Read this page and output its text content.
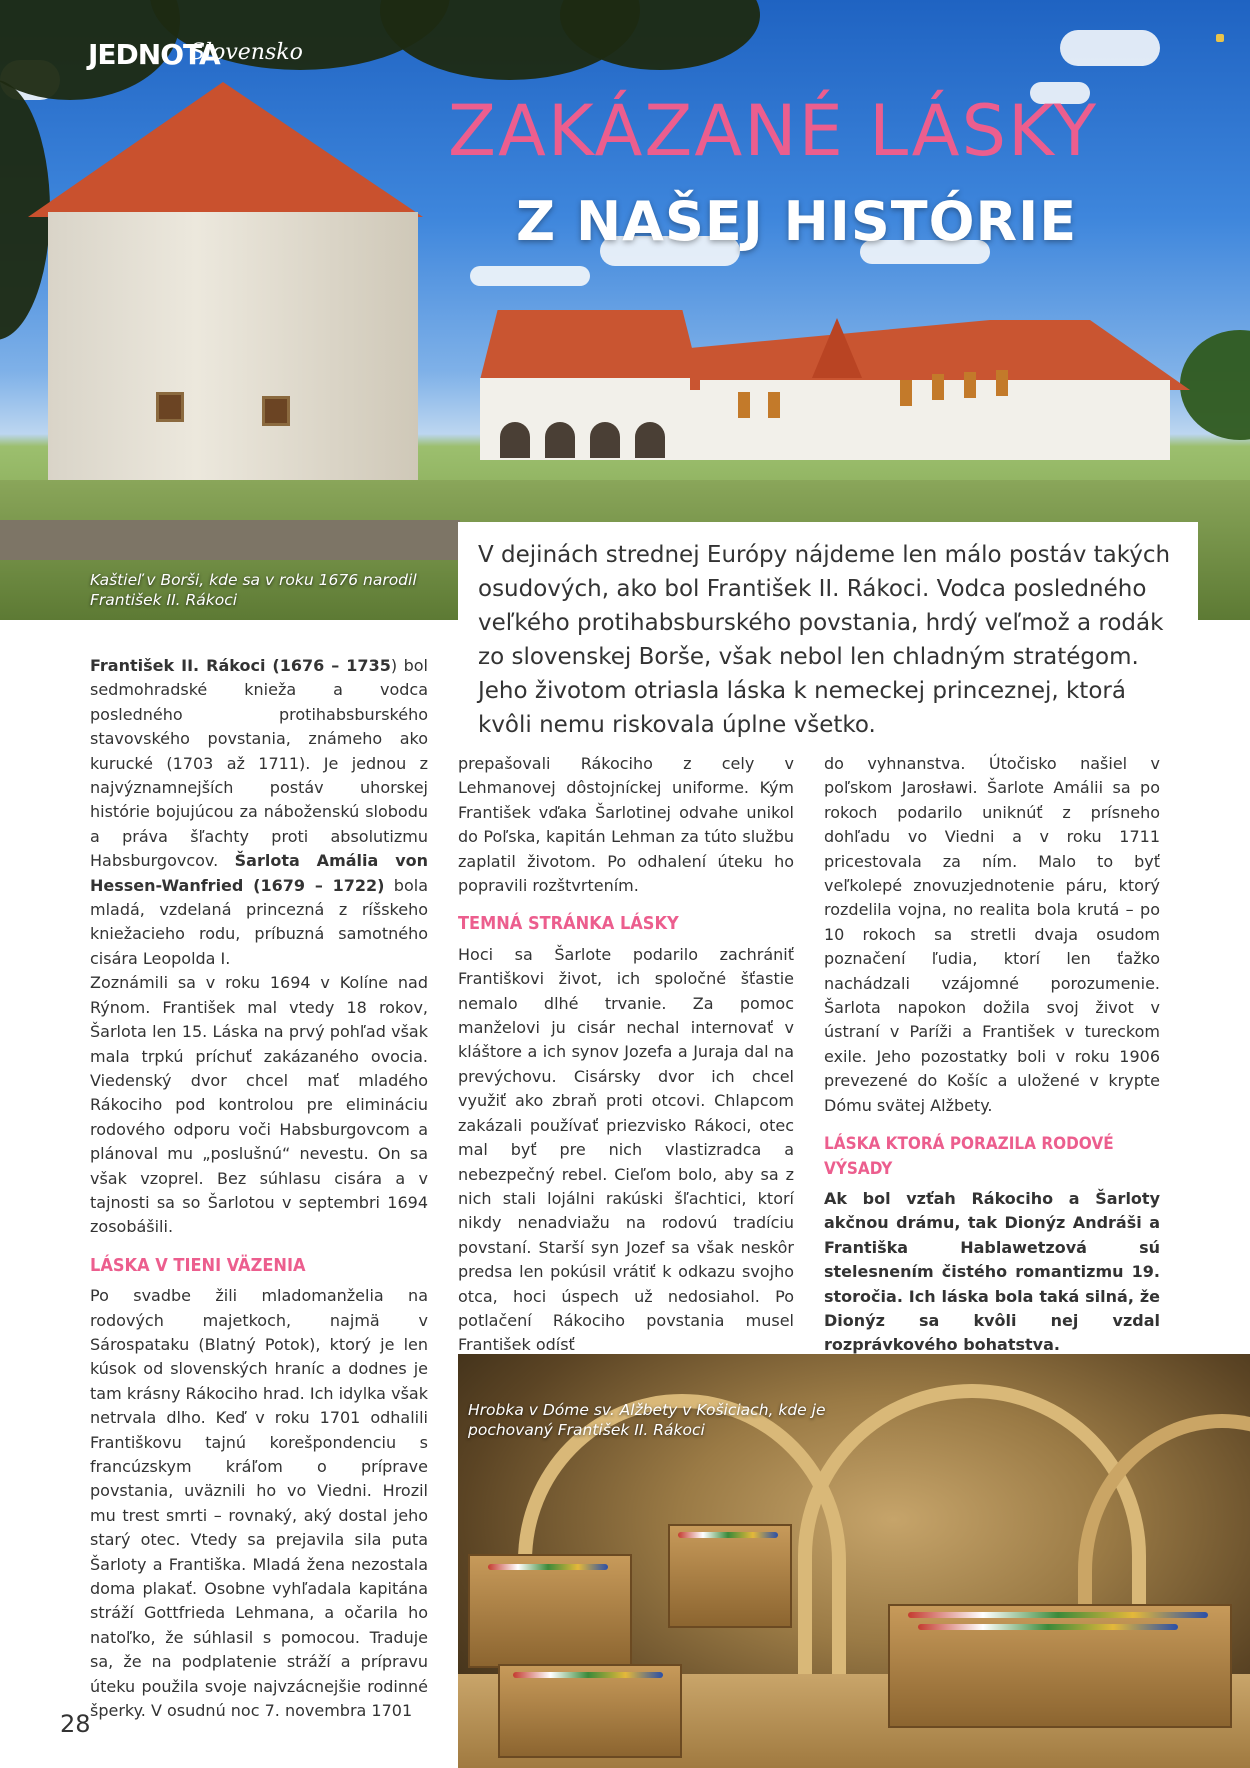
JEDNOTA
Slovensko
ZAKÁZANÉ LÁSKY
Z NAŠEJ HISTÓRIE
Kaštieľ v Borši, kde sa v roku 1676 narodil František II. Rákoci
V dejinách strednej Európy nájdeme len málo postáv takých osudových, ako bol František II. Rákoci. Vodca posledného veľkého protihabsburského povstania, hrdý veľmož a rodák zo slovenskej Borše, však nebol len chladným stratégom. Jeho životom otriasla láska k nemeckej princeznej, ktorá kvôli nemu riskovala úplne všetko.

František II. Rákoci (1676 – 1735) bol sedmohradské knieža a vodca posledného protihabsburského stavovského povstania, známeho ako kurucké (1703 až 1711). Je jednou z najvýznamnejších postáv uhorskej histórie bojujúcou za náboženskú slobodu a práva šľachty proti absolutizmu Habsburgovcov. Šarlota Amália von Hessen-Wanfried (1679 – 1722) bola mladá, vzdelaná princezná z ríšskeho kniežacieho rodu, príbuzná samotného cisára Leopolda I.

Zoznámili sa v roku 1694 v Kolíne nad Rýnom. František mal vtedy 18 rokov, Šarlota len 15. Láska na prvý pohľad však mala trpkú príchuť zakázaného ovocia. Viedenský dvor chcel mať mladého Rákociho pod kontrolou pre elimináciu rodového odporu voči Habsburgovcom a plánoval mu „poslušnú“ nevestu. On sa však vzoprel. Bez súhlasu cisára a v tajnosti sa so Šarlotou v septembri 1694 zosobášili.

LÁSKA V TIENI VÄZENIA

Po svadbe žili mladomanželia na rodových majetkoch, najmä v Sárospataku (Blatný Potok), ktorý je len kúsok od slovenských hraníc a dodnes je tam krásny Rákociho hrad. Ich idylka však netrvala dlho. Keď v roku 1701 odhalili Františkovu tajnú korešpondenciu s francúzskym kráľom o príprave povstania, uväznili ho vo Viedni. Hrozil mu trest smrti – rovnaký, aký dostal jeho starý otec. Vtedy sa prejavila sila puta Šarloty a Františka. Mladá žena nezostala doma plakať. Osobne vyhľadala kapitána stráží Gottfrieda Lehmana, a očarila ho natoľko, že súhlasil s pomocou. Traduje sa, že na podplatenie stráží a prípravu úteku použila svoje najvzácnejšie rodinné šperky. V osudnú noc 7. novembra 1701

prepašovali Rákociho z cely v Lehmanovej dôstojníckej uniforme. Kým František vďaka Šarlotinej odvahe unikol do Poľska, kapitán Lehman za túto službu zaplatil životom. Po odhalení úteku ho popravili rozštvrtením.

TEMNÁ STRÁNKA LÁSKY

Hoci sa Šarlote podarilo zachrániť Františkovi život, ich spoločné šťastie nemalo dlhé trvanie. Za pomoc manželovi ju cisár nechal internovať v kláštore a ich synov Jozefa a Juraja dal na prevýchovu. Cisársky dvor ich chcel využiť ako zbraň proti otcovi. Chlapcom zakázali používať priezvisko Rákoci, otec mal byť pre nich vlastizradca a nebezpečný rebel. Cieľom bolo, aby sa z nich stali lojálni rakúski šľachtici, ktorí nikdy nenadviažu na rodovú tradíciu povstaní. Starší syn Jozef sa však neskôr predsa len pokúsil vrátiť k odkazu svojho otca, hoci úspech už nedosiahol. Po potlačení Rákociho povstania musel František odísť

do vyhnanstva. Útočisko našiel v poľskom Jarosławi. Šarlote Amálii sa po rokoch podarilo uniknúť z prísneho dohľadu vo Viedni a v roku 1711 pricestovala za ním. Malo to byť veľkolepé znovuzjednotenie páru, ktorý rozdelila vojna, no realita bola krutá – po 10 rokoch sa stretli dvaja osudom poznačení ľudia, ktorí len ťažko nachádzali vzájomné porozumenie. Šarlota napokon dožila svoj život v ústraní v Paríži a František v tureckom exile. Jeho pozostatky boli v roku 1906 prevezené do Košíc a uložené v krypte Dómu svätej Alžbety.

LÁSKA KTORÁ PORAZILA RODOVÉ VÝSADY

Ak bol vzťah Rákociho a Šarloty akčnou drámu, tak Dionýz Andráši a Františka Hablawetzová sú stelesnením čistého romantizmu 19. storočia. Ich láska bola taká silná, že Dionýz sa kvôli nej vzdal rozprávkového bohatstva.

Hrobka v Dóme sv. Alžbety v Košiciach, kde je pochovaný František II. Rákoci
28
